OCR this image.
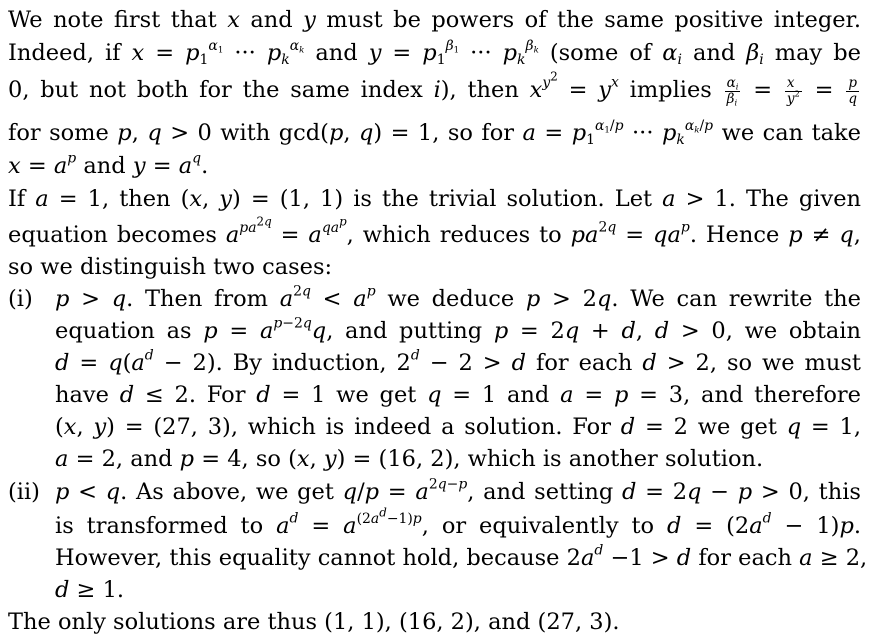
We note first that x and y must be powers of the same positive integer.
Indeed, if $x = p_1^{\alpha_1}$ ··· $p_k^{\alpha_k}$ and $y = p_1^{\beta_1}$ ··· $p_k^{\beta_k}$ (some of $\alpha_i$ and $\beta_i$ may be
0, but not both for the same index i), then $x^{y^2} = y^x$ implies $\frac{\alpha_i}{\beta_i} = \frac{x}{y^2} = \frac{p}{q}$
for some p, q > 0 with gcd(p, q) = 1, so for $a = p_1^{\alpha_1/p}$ ··· $p_k^{\alpha_k/p}$ we can take
$x = a^p$ and $y = a^q$.
If a = 1, then (x, y) = (1, 1) is the trivial solution. Let a > 1. The given
equation becomes $a^{pa^{2q}} = a^{qa^p}$, which reduces to $pa^{2q} = qa^p$. Hence p ≠ q,
so we distinguish two cases:
(i) p > q. Then from $a^{2q} < a^p$ we deduce p > 2q. We can rewrite the
equation as $p = a^{p-2q}q$, and putting p = 2q + d, d > 0, we obtain
$d = q(a^d - 2)$. By induction, $2^d - 2 > d$ for each d > 2, so we must
have d ≤ 2. For d = 1 we get q = 1 and a = p = 3, and therefore
(x, y) = (27, 3), which is indeed a solution. For d = 2 we get q = 1,
a = 2, and p = 4, so (x, y) = (16, 2), which is another solution.
(ii) p < q. As above, we get $q/p = a^{2q-p}$, and setting d = 2q − p > 0, this
is transformed to $a^d = a^{(2a^d-1)p}$, or equivalently to $d = (2a^d - 1)p$.
However, this equality cannot hold, because $2a^d -1 > d$ for each a ≥ 2,
d ≥ 1.
The only solutions are thus (1, 1), (16, 2), and (27, 3).
